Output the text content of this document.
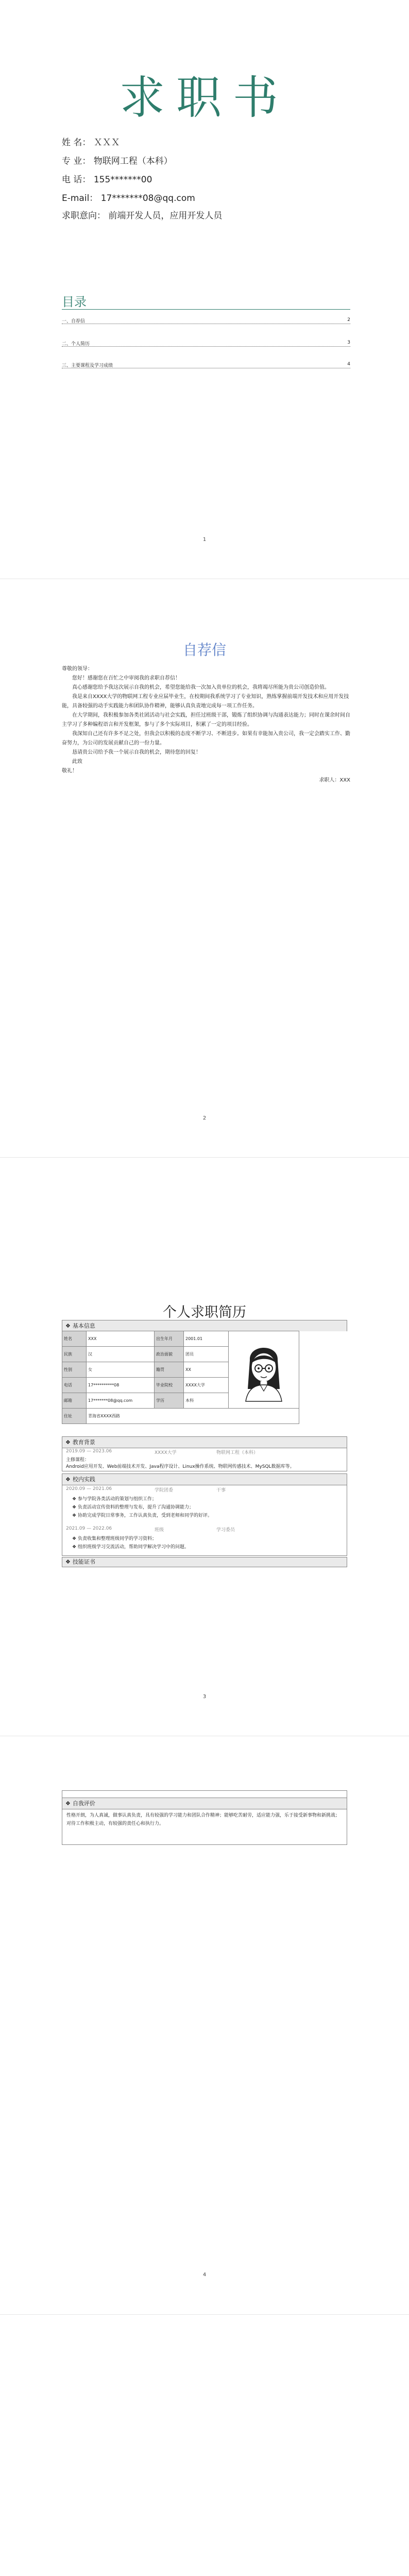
求职书
姓 名： ＸＸＸ
专 业： 物联网工程（本科）
电 话： 155*******00
E-mail： 17*******08@qq.com
求职意向： 前端开发人员，应用开发人员
目录
一、自荐信	2
二、个人简历	3
三、主要课程及学习成绩	4
1
自荐信

尊敬的领导：

您好！感谢您在百忙之中审阅我的求职自荐信！

真心感谢您给予我这次展示自我的机会，希望您能给我一次加入贵单位的机会，我将竭尽所能为贵公司创造价值。

我是来自XXXX大学的物联网工程专业应届毕业生，在校期间我系统学习了专业知识，熟练掌握前端开发技术和应用开发技能，具备较强的动手实践能力和团队协作精神，能够认真负责地完成每一项工作任务。

在大学期间，我积极参加各类社团活动与社会实践，担任过班级干部，锻炼了组织协调与沟通表达能力；同时在课余时间自主学习了多种编程语言和开发框架，参与了多个实际项目，积累了一定的项目经验。

我深知自己还有许多不足之处，但我会以积极的态度不断学习、不断进步。如果有幸能加入贵公司，我一定会踏实工作、勤奋努力，为公司的发展贡献自己的一份力量。

恳请贵公司给予我一个展示自我的机会，期待您的回复！

此致

敬礼！

求职人：XXX

2
个人求职简历
❖ 基本信息
姓名	XXX	出生年月	2001.01	
民族	汉	政治面貌	团员	
性别	女	籍贯	XX	
电话	17**********08	毕业院校	XXXX大学	
邮箱	17*******08@qq.com	学历	本科	
住址	青海省XXXX西路			
❖ 教育背景
2019.09 — 2023.06	XXXX大学	物联网工程（本科）
主修课程：
Android应用开发、Web前端技术开发、Java程序设计、Linux操作系统、物联网传感技术、MySQL数据库等。
❖ 校内实践
2020.09 — 2021.06	学院团委	干事
❖ 参与学院各类活动的策划与组织工作；
❖ 负责活动宣传资料的整理与发布，提升了沟通协调能力；
❖ 协助完成学院日常事务，工作认真负责，受到老师和同学的好评。
2021.09 — 2022.06	班级	学习委员
❖ 负责收集和整理班级同学的学习资料；
❖ 组织班级学习交流活动，帮助同学解决学习中的问题。
❖ 技能证书
3
❖ 自我评价
性格开朗，为人真诚，做事认真负责，具有较强的学习能力和团队合作精神；能够吃苦耐劳，适应能力强，乐于接受新事物和新挑战；对待工作积极主动，有较强的责任心和执行力。
4
